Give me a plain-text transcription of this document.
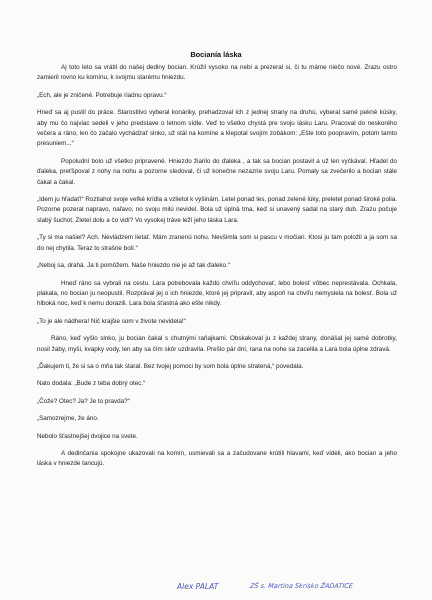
Bocianía láska

Aj toto leto sa vrátil do našej dediny bocian. Krúžil vysoko na nebi a prezeral si, či tu máme niečo nové. Zrazu ostro zamieril rovno ku komínu, k svojmu starému hniezdu.

„Ech, ale je zničené. Potrebuje riadnu opravu.“

Hneď sa aj pustil do práce. Starostlivo vyberal konáriky, prehadzoval ich z jednej strany na druhú, vyberal samé pekné kúsky, aby mu čo najviac sedeli v jeho predstave o letnom sídle. Veď to všetko chystá pre svoju lásku Laru. Pracoval do neskorého večera a ráno, len čo začalo vychádzať slnko, už stál na komíne a klepotal svojím zobákom: „Ešte toto poopravím, potom tamto presuniem...“

Popoludní bolo už všetko pripravené. Hniezdo žiarilo do ďaleka , a tak sa bocian postavil a už len vyčkával. Hľadel do ďaleka, preťšpoval z nohy na nohu a pozorne sledoval, či už konečne nezazrie svoju Laru. Pomaly sa zvečerilo a bocian stále čakal a čakal.

„Idem ju hľadať!“ Roztiahol svoje veľké krídla a vzlietol k výšinám. Letel ponad les, ponad zelené lúky, preletel ponad široké polia. Pozorne pozeral napravo, naľavo, no svoju milú nevidel. Bola už úplná tma, keď si unavený sadal na starý dub. Zrazu počuje slabý šuchot. Zletel dolu a čo vidí? Vo vysokej tráve leží jeho láska Lara.

„Ty si ma našiel? Ach. Nevládzem lietať. Mám zranenú nohu. Nevšimla som si pascu v močiari. Ktosi ju tam položil a ja som sa do nej chytila. Teraz to strašne bolí.“

„Neboj sa, drahá. Ja ti pomôžem. Naše hniezdo nie je až tak ďaleko.“

Hneď ráno sa vybrali na cestu. Lara potrebovala každú chvíľu oddychovať, lebo bolesť vôbec neprestávala. Ochkala, plakala, no bocian ju neopustil. Rozprával jej o ich hniezde, ktoré jej pripravil, aby aspoň na chvíľu nemyslela na bolesť. Bola už hlboká noc, keď k nemu dorazili. Lara bola šťastná ako ešte nikdy.

„To je ale nádhera! Nič krajšie som v živote nevidela!“

Ráno, keď vyšlo slnko, ju bocian čakal s chutnými raňajkami. Obskakoval ju z každej strany, donášal jej samé dobrotky, nosil žaby, myši, kvapky vody, len aby sa čím skôr uzdravila. Prešlo pár dní, rana na nohe sa zacelila a Lara bola úplne zdravá.

„Ďakujem ti, že si sa o mňa tak staral. Bez tvojej pomoci by som bola úplne stratená,“ povedala.

Nato dodala: „Bude z teba dobrý otec.“

„Čože? Otec? Ja? Je to pravda?“

„Samozrejme, že áno.

Nebolo šťastnejšej dvojice na svete.

A dedinčania spokojne ukazovali na komín, usmievali sa a začudovane krútili hlavami, keď videli, ako bocian a jeho láska v hniezde tancujú.

Alex PALAT	ZŠ s. Martina Skrisko ŽADATICE
